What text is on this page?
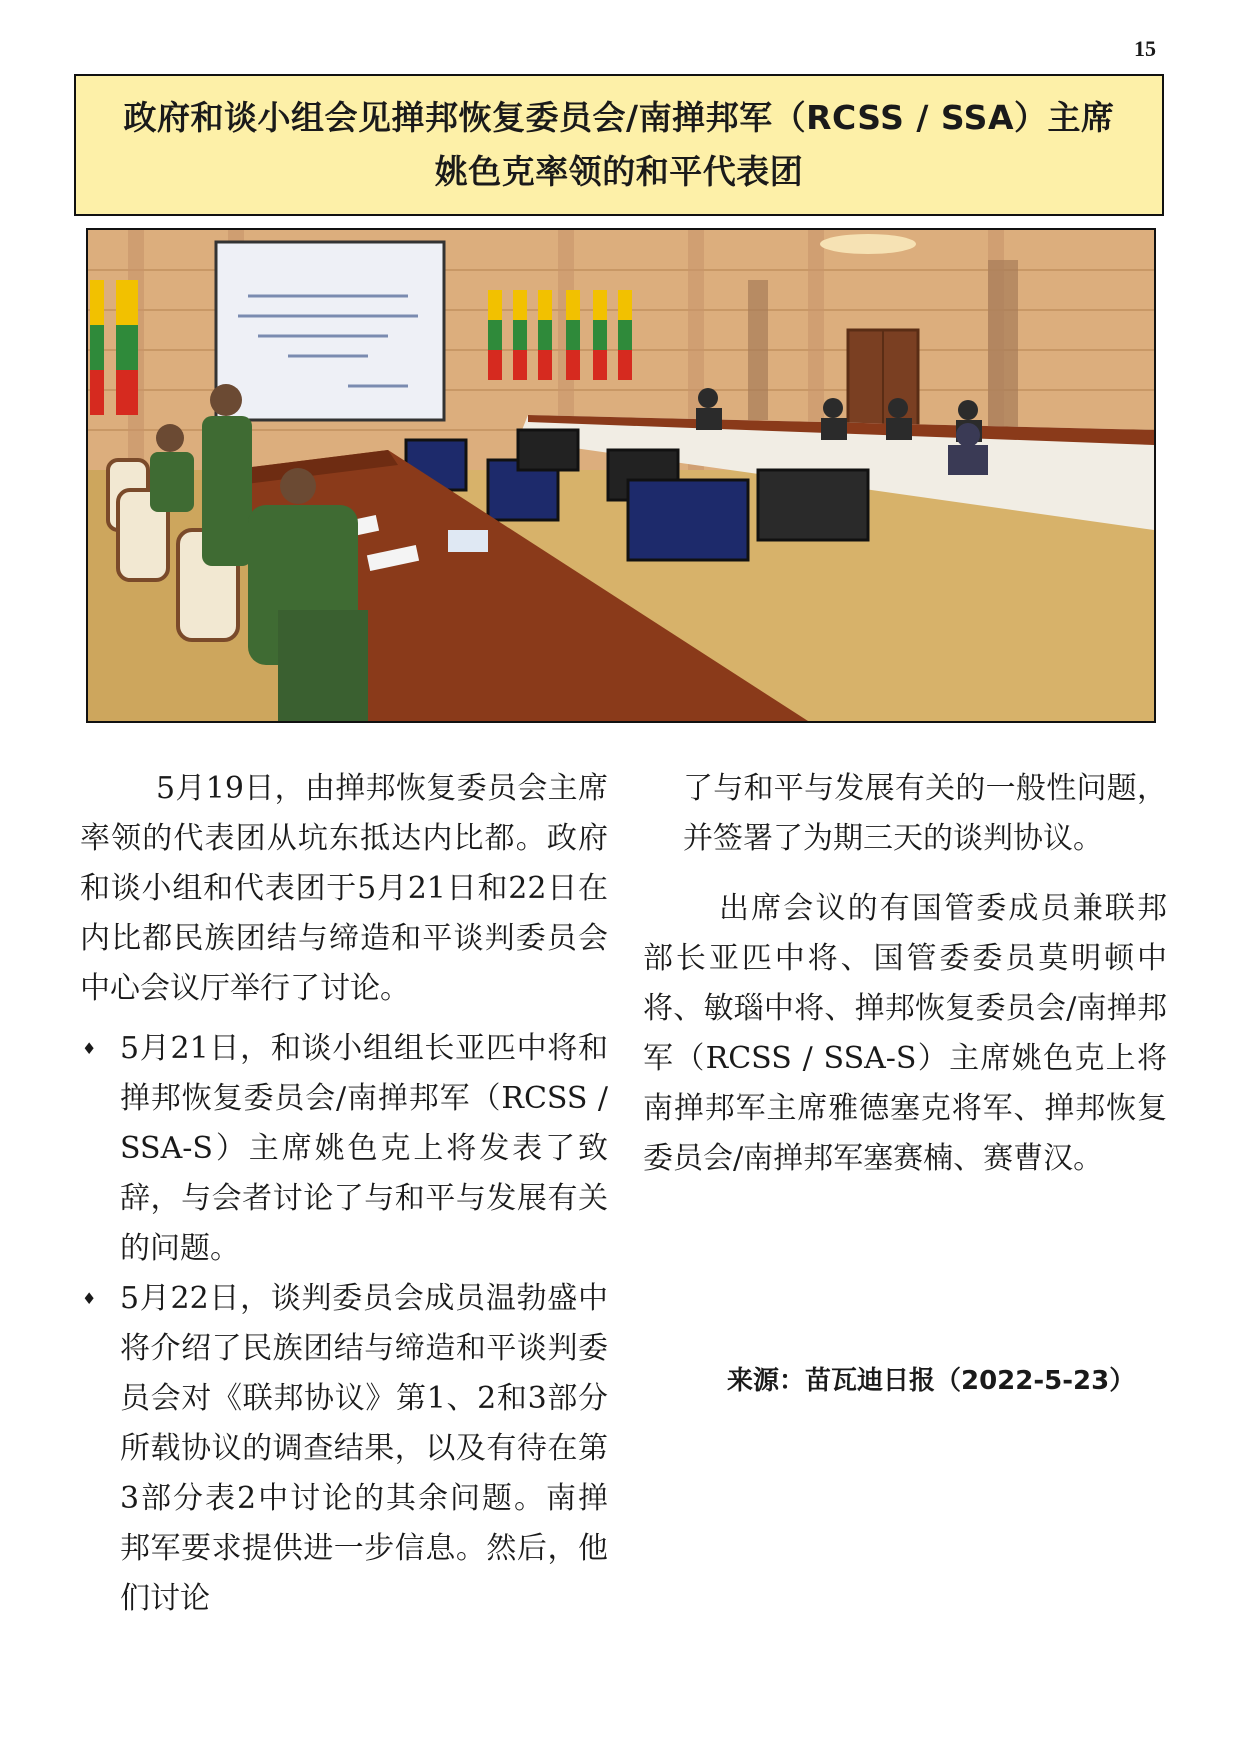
15
政府和谈小组会见掸邦恢复委员会/南掸邦军（RCSS / SSA）主席
姚色克率领的和平代表团

5月19日，由掸邦恢复委员会主席率领的代表团从坑东抵达内比都。政府和谈小组和代表团于5月21日和22日在内比都民族团结与缔造和平谈判委员会中心会议厅举行了讨论。

♦ 5月21日，和谈小组组长亚匹中将和掸邦恢复委员会/南掸邦军（RCSS / SSA-S）主席姚色克上将发表了致辞，与会者讨论了与和平与发展有关的问题。
♦ 5月22日，谈判委员会成员温勃盛中将介绍了民族团结与缔造和平谈判委员会对《联邦协议》第1、2和3部分所载协议的调查结果，以及有待在第3部分表2中讨论的其余问题。南掸邦军要求提供进一步信息。然后，他们讨论

了与和平与发展有关的一般性问题，并签署了为期三天的谈判协议。

出席会议的有国管委成员兼联邦部长亚匹中将、国管委委员莫明顿中将、敏瑙中将、掸邦恢复委员会/南掸邦军（RCSS / SSA-S）主席姚色克上将南掸邦军主席雅德塞克将军、掸邦恢复委员会/南掸邦军塞赛楠、赛曹汉。

来源：苗瓦迪日报（2022-5-23）
